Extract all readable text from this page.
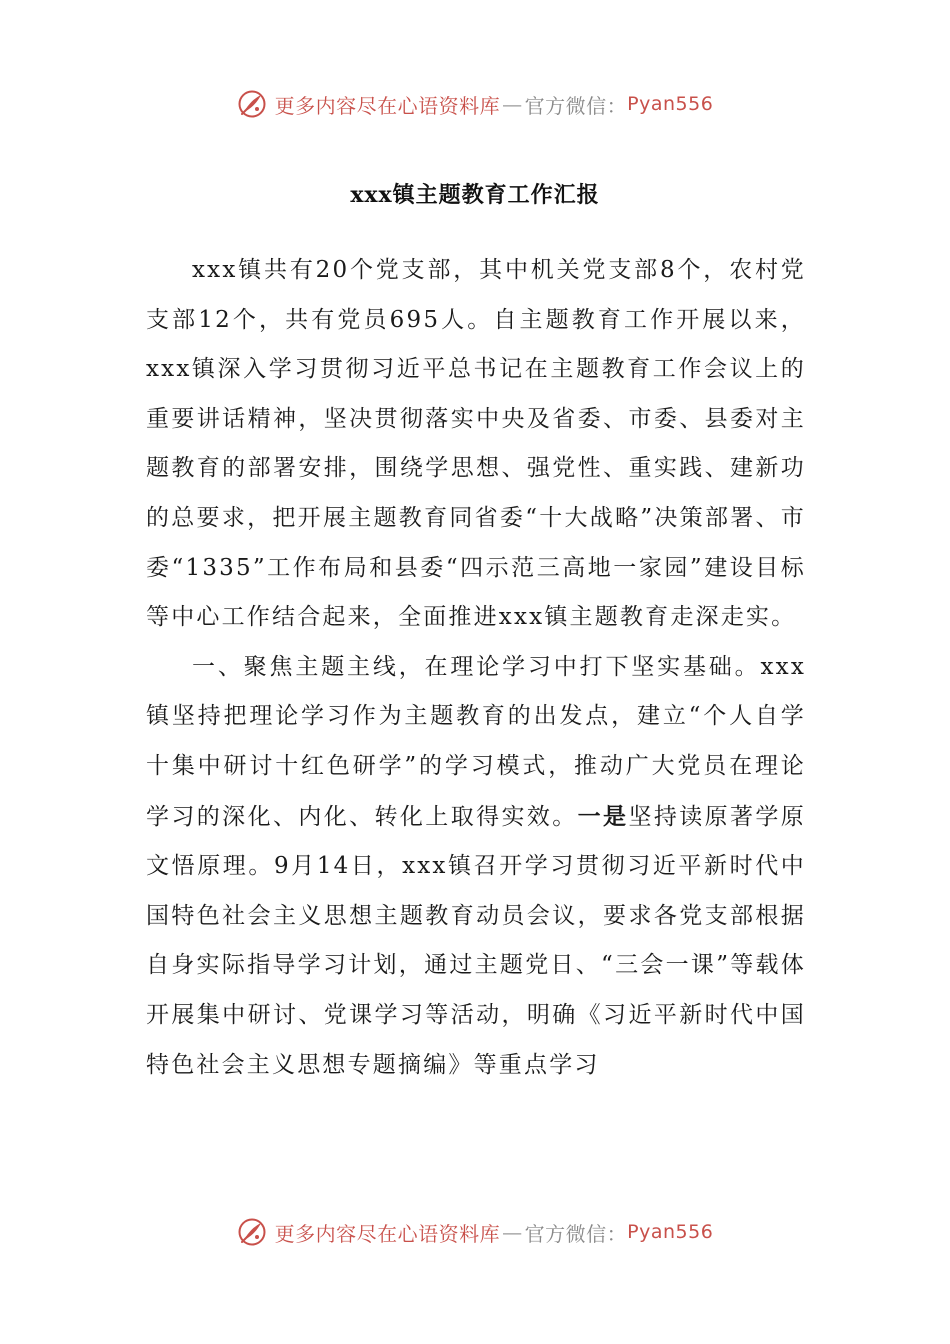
更多内容尽在心语资料库 — 官方微信： Pyan556
xxx镇主题教育工作汇报

xxx镇共有20个党支部，其中机关党支部8个，农村党支部12个，共有党员695人。自主题教育工作开展以来，xxx镇深入学习贯彻习近平总书记在主题教育工作会议上的重要讲话精神，坚决贯彻落实中央及省委、市委、县委对主题教育的部署安排，围绕学思想、强党性、重实践、建新功的总要求，把开展主题教育同省委“十大战略”决策部署、市委“1335”工作布局和县委“四示范三高地一家园”建设目标等中心工作结合起来，全面推进xxx镇主题教育走深走实。

一、聚焦主题主线，在理论学习中打下坚实基础。xxx镇坚持把理论学习作为主题教育的出发点，建立“个人自学十集中研讨十红色研学”的学习模式，推动广大党员在理论学习的深化、内化、转化上取得实效。一是坚持读原著学原文悟原理。9月14日，xxx镇召开学习贯彻习近平新时代中国特色社会主义思想主题教育动员会议，要求各党支部根据自身实际指导学习计划，通过主题党日、“三会一课”等载体开展集中研讨、党课学习等活动，明确《习近平新时代中国特色社会主义思想专题摘编》等重点学习

更多内容尽在心语资料库 — 官方微信： Pyan556
